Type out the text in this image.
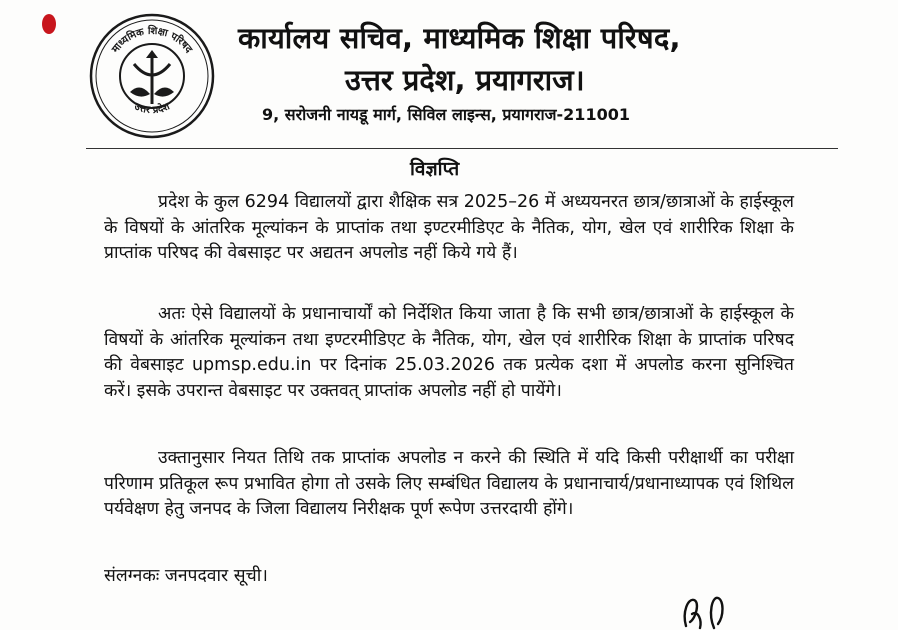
माध्यमिक शिक्षा परिषद
उत्तर प्रदेश
कार्यालय सचिव, माध्यमिक शिक्षा परिषद,
उत्तर प्रदेश, प्रयागराज।
9, सरोजनी नायडू मार्ग, सिविल लाइन्स, प्रयागराज-211001
विज्ञप्ति

प्रदेश के कुल 6294 विद्यालयों द्वारा शैक्षिक सत्र 2025–26 में अध्ययनरत छात्र/छात्राओं के हाईस्कूल के विषयों के आंतरिक मूल्यांकन के प्राप्तांक तथा इण्टरमीडिएट के नैतिक, योग, खेल एवं शारीरिक शिक्षा के प्राप्तांक परिषद की वेबसाइट पर अद्यतन अपलोड नहीं किये गये हैं।

अतः ऐसे विद्यालयों के प्रधानाचार्यों को निर्देशित किया जाता है कि सभी छात्र/छात्राओं के हाईस्कूल के विषयों के आंतरिक मूल्यांकन तथा इण्टरमीडिएट के नैतिक, योग, खेल एवं शारीरिक शिक्षा के प्राप्तांक परिषद की वेबसाइट upmsp.edu.in पर दिनांक 25.03.2026 तक प्रत्येक दशा में अपलोड करना सुनिश्चित करें। इसके उपरान्त वेबसाइट पर उक्तवत् प्राप्तांक अपलोड नहीं हो पायेंगे।

उक्तानुसार नियत तिथि तक प्राप्तांक अपलोड न करने की स्थिति में यदि किसी परीक्षार्थी का परीक्षा परिणाम प्रतिकूल रूप प्रभावित होगा तो उसके लिए सम्बंधित विद्यालय के प्रधानाचार्य/प्रधानाध्यापक एवं शिथिल पर्यवेक्षण हेतु जनपद के जिला विद्यालय निरीक्षक पूर्ण रूपेण उत्तरदायी होंगे।

संलग्नकः जनपदवार सूची।
